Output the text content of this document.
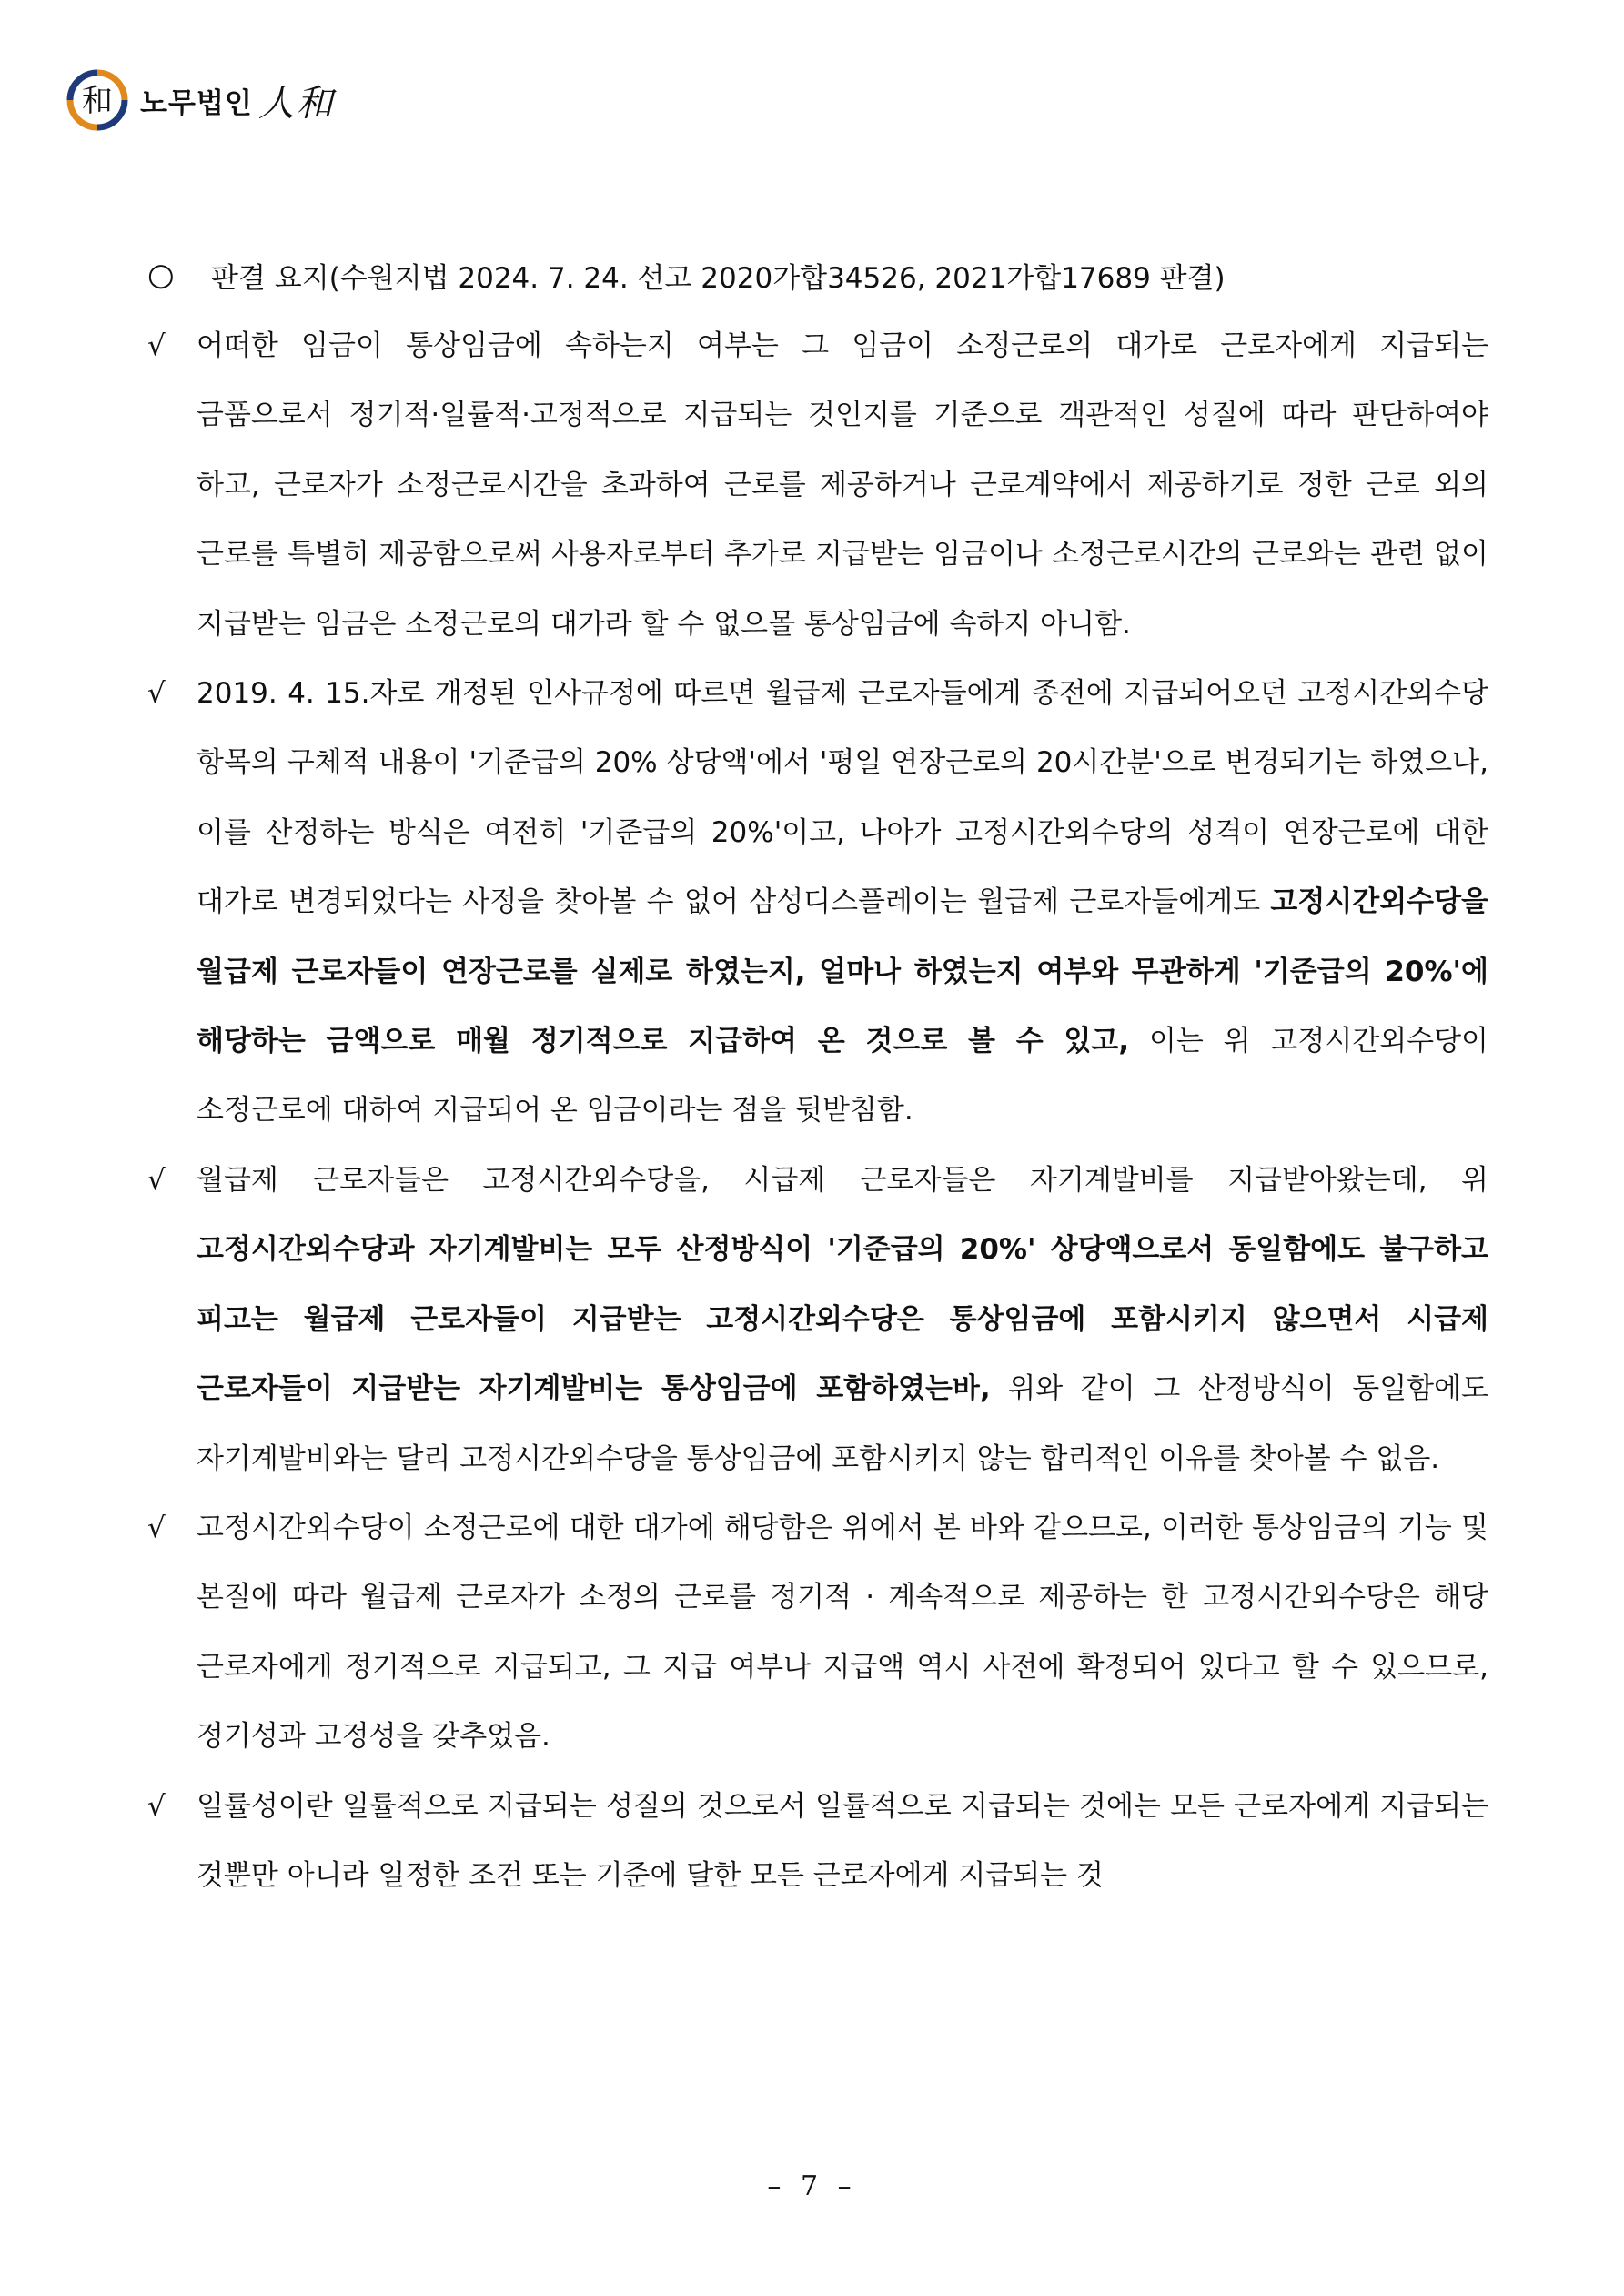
和 노무법인 人和
○	판결 요지(수원지법 2024. 7. 24. 선고 2020가합34526, 2021가합17689 판결)
√	어떠한 임금이 통상임금에 속하는지 여부는 그 임금이 소정근로의 대가로 근로자에게 지급되는 금품으로서 정기적·일률적·고정적으로 지급되는 것인지를 기준으로 객관적인 성질에 따라 판단하여야 하고, 근로자가 소정근로시간을 초과하여 근로를 제공하거나 근로계약에서 제공하기로 정한 근로 외의 근로를 특별히 제공함으로써 사용자로부터 추가로 지급받는 임금이나 소정근로시간의 근로와는 관련 없이 지급받는 임금은 소정근로의 대가라 할 수 없으몰 통상임금에 속하지 아니함.
√	2019. 4. 15.자로 개정된 인사규정에 따르면 월급제 근로자들에게 종전에 지급되어오던 고정시간외수당 항목의 구체적 내용이 '기준급의 20% 상당액'에서 '평일 연장근로의 20시간분'으로 변경되기는 하였으나, 이를 산정하는 방식은 여전히 '기준급의 20%'이고, 나아가 고정시간외수당의 성격이 연장근로에 대한 대가로 변경되었다는 사정을 찾아볼 수 없어 삼성디스플레이는 월급제 근로자들에게도 고정시간외수당을 월급제 근로자들이 연장근로를 실제로 하였는지, 얼마나 하였는지 여부와 무관하게 '기준급의 20%'에 해당하는 금액으로 매월 정기적으로 지급하여 온 것으로 볼 수 있고, 이는 위 고정시간외수당이 소정근로에 대하여 지급되어 온 임금이라는 점을 뒷받침함.
√	월급제 근로자들은 고정시간외수당을, 시급제 근로자들은 자기계발비를 지급받아왔는데, 위 고정시간외수당과 자기계발비는 모두 산정방식이 '기준급의 20%' 상당액으로서 동일함에도 불구하고 피고는 월급제 근로자들이 지급받는 고정시간외수당은 통상임금에 포함시키지 않으면서 시급제 근로자들이 지급받는 자기계발비는 통상임금에 포함하였는바, 위와 같이 그 산정방식이 동일함에도 자기계발비와는 달리 고정시간외수당을 통상임금에 포함시키지 않는 합리적인 이유를 찾아볼 수 없음.
√	고정시간외수당이 소정근로에 대한 대가에 해당함은 위에서 본 바와 같으므로, 이러한 통상임금의 기능 및 본질에 따라 월급제 근로자가 소정의 근로를 정기적 · 계속적으로 제공하는 한 고정시간외수당은 해당 근로자에게 정기적으로 지급되고, 그 지급 여부나 지급액 역시 사전에 확정되어 있다고 할 수 있으므로, 정기성과 고정성을 갖추었음.
√	일률성이란 일률적으로 지급되는 성질의 것으로서 일률적으로 지급되는 것에는 모든 근로자에게 지급되는 것뿐만 아니라 일정한 조건 또는 기준에 달한 모든 근로자에게 지급되는 것
– 7 –
